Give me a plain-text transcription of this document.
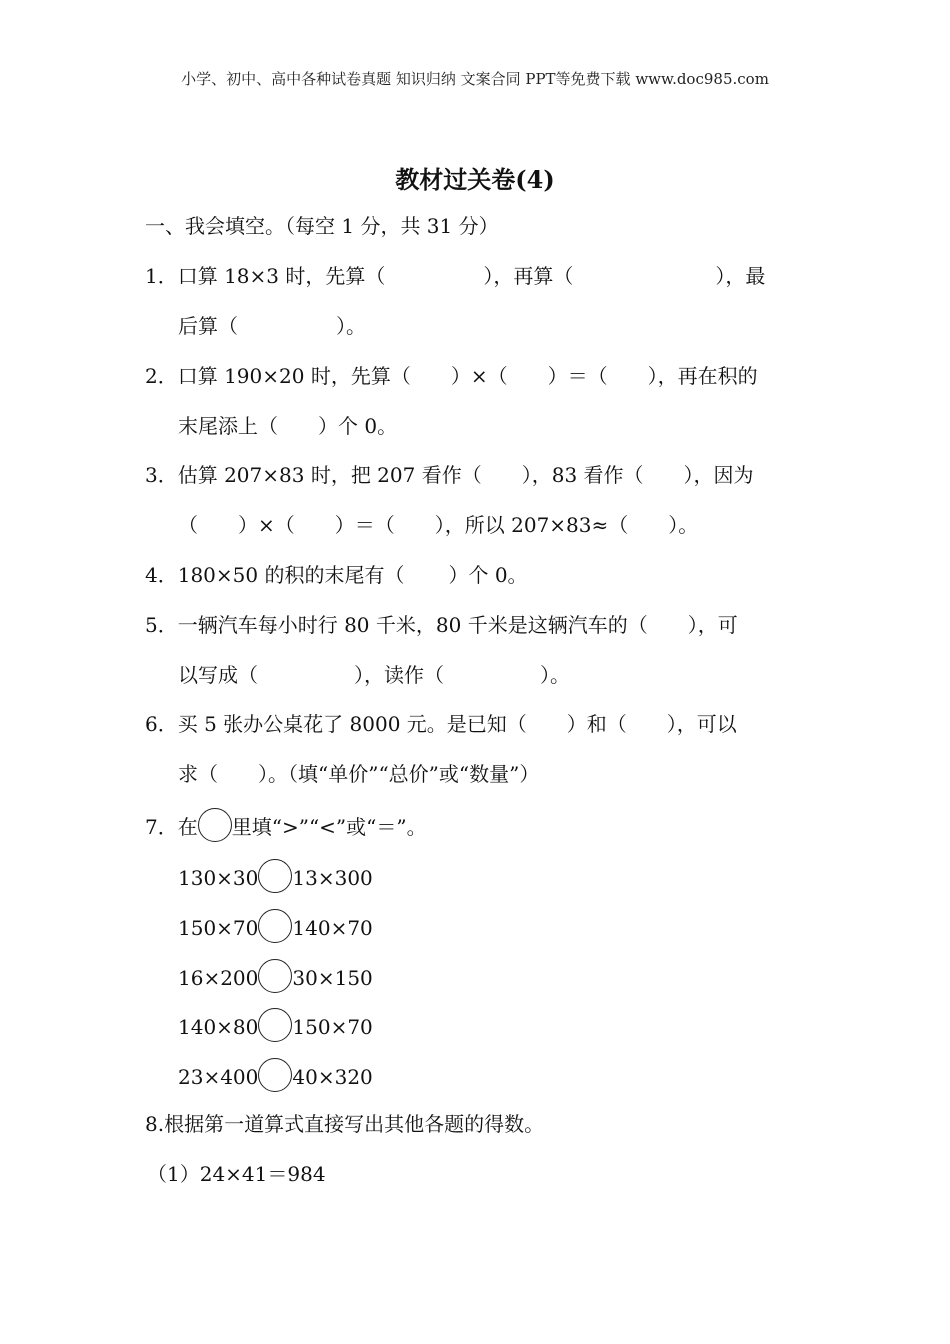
小学、初中、高中各种试卷真题 知识归纳 文案合同 PPT等免费下载 www.doc985.com
教材过关卷(4)
一、我会填空。（每空 1 分，共 31 分）
1．口算 18×3 时，先算（	），再算（	），最
后算（	）。
2．口算 190×20 时，先算（ ）×（ ）＝（ ），再在积的
末尾添上（ ）个 0。
3．估算 207×83 时，把 207 看作（ ），83 看作（ ），因为
（ ）×（ ）＝（ ），所以 207×83≈（ ）。
4．180×50 的积的末尾有（ ）个 0。
5．一辆汽车每小时行 80 千米，80 千米是这辆汽车的（ ），可
以写成（	），读作（	）。
6．买 5 张办公桌花了 8000 元。是已知（ ）和（ ），可以
求（ ）。（填“单价”“总价”或“数量”）
7．在 里填“>”“<”或“＝”。
130×30 13×300
150×70 140×70
16×200 30×150
140×80 150×70
23×400 40×320
8.根据第一道算式直接写出其他各题的得数。
（1）24×41＝984
